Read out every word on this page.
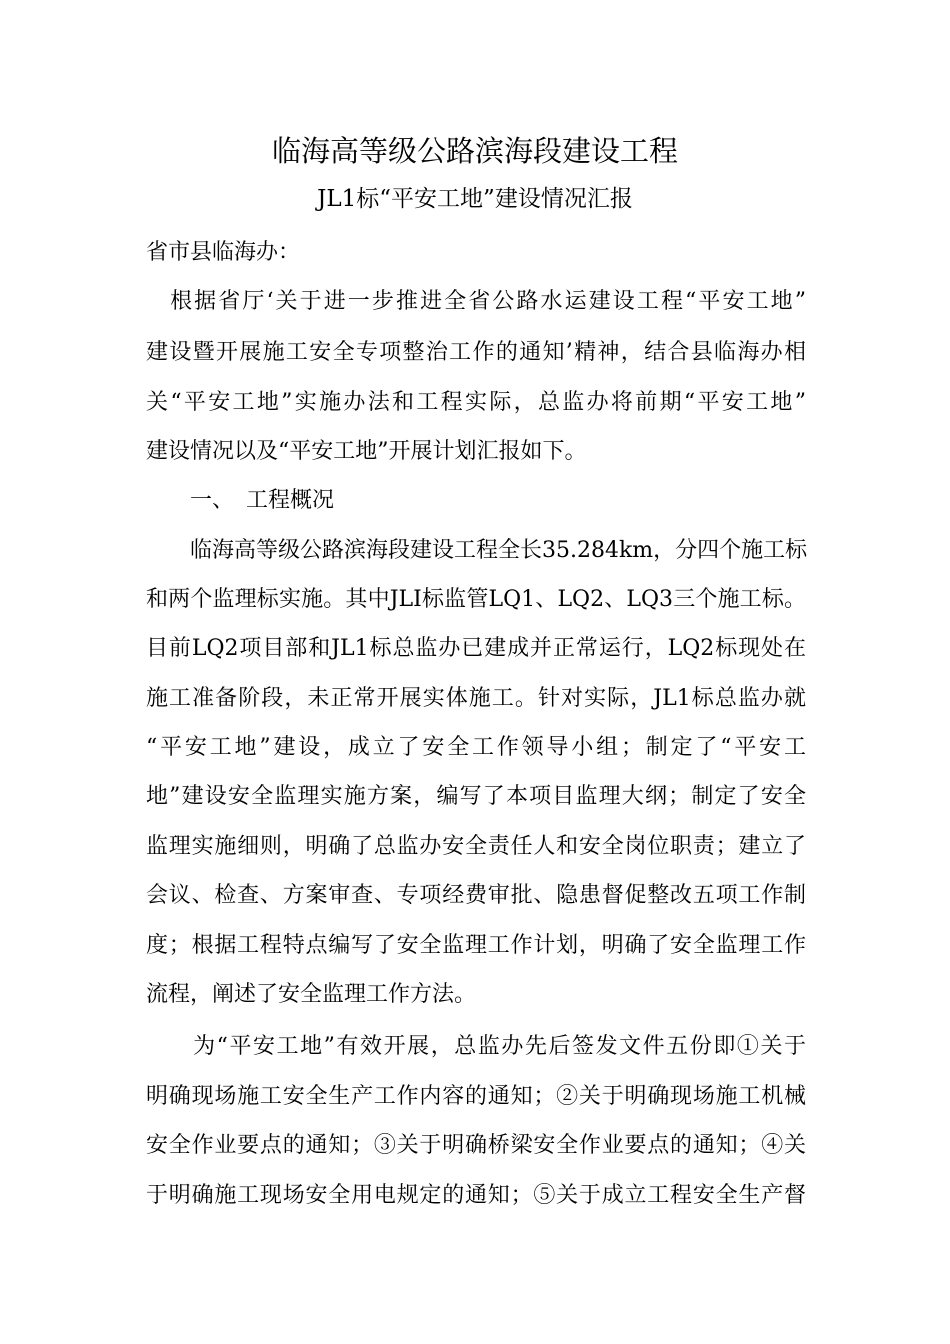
临海高等级公路滨海段建设工程
JL1标“平安工地”建设情况汇报
省市县临海办：
　根据省厅‘关于进一步推进全省公路水运建设工程“平安工地”
建设暨开展施工安全专项整治工作的通知’精神，结合县临海办相
关“平安工地”实施办法和工程实际，总监办将前期“平安工地”
建设情况以及“平安工地”开展计划汇报如下。
一、 工程概况
　　临海高等级公路滨海段建设工程全长35.284km，分四个施工标
和两个监理标实施。其中JLI标监管LQ1、LQ2、LQ3三个施工标。
目前LQ2项目部和JL1标总监办已建成并正常运行，LQ2标现处在
施工准备阶段，未正常开展实体施工。针对实际，JL1标总监办就
“平安工地”建设，成立了安全工作领导小组；制定了“平安工
地”建设安全监理实施方案，编写了本项目监理大纲；制定了安全
监理实施细则，明确了总监办安全责任人和安全岗位职责；建立了
会议、检查、方案审查、专项经费审批、隐患督促整改五项工作制
度；根据工程特点编写了安全监理工作计划，明确了安全监理工作
流程，阐述了安全监理工作方法。
　　为“平安工地”有效开展，总监办先后签发文件五份即①关于
明确现场施工安全生产工作内容的通知；②关于明确现场施工机械
安全作业要点的通知；③关于明确桥梁安全作业要点的通知；④关
于明确施工现场安全用电规定的通知；⑤关于成立工程安全生产督
